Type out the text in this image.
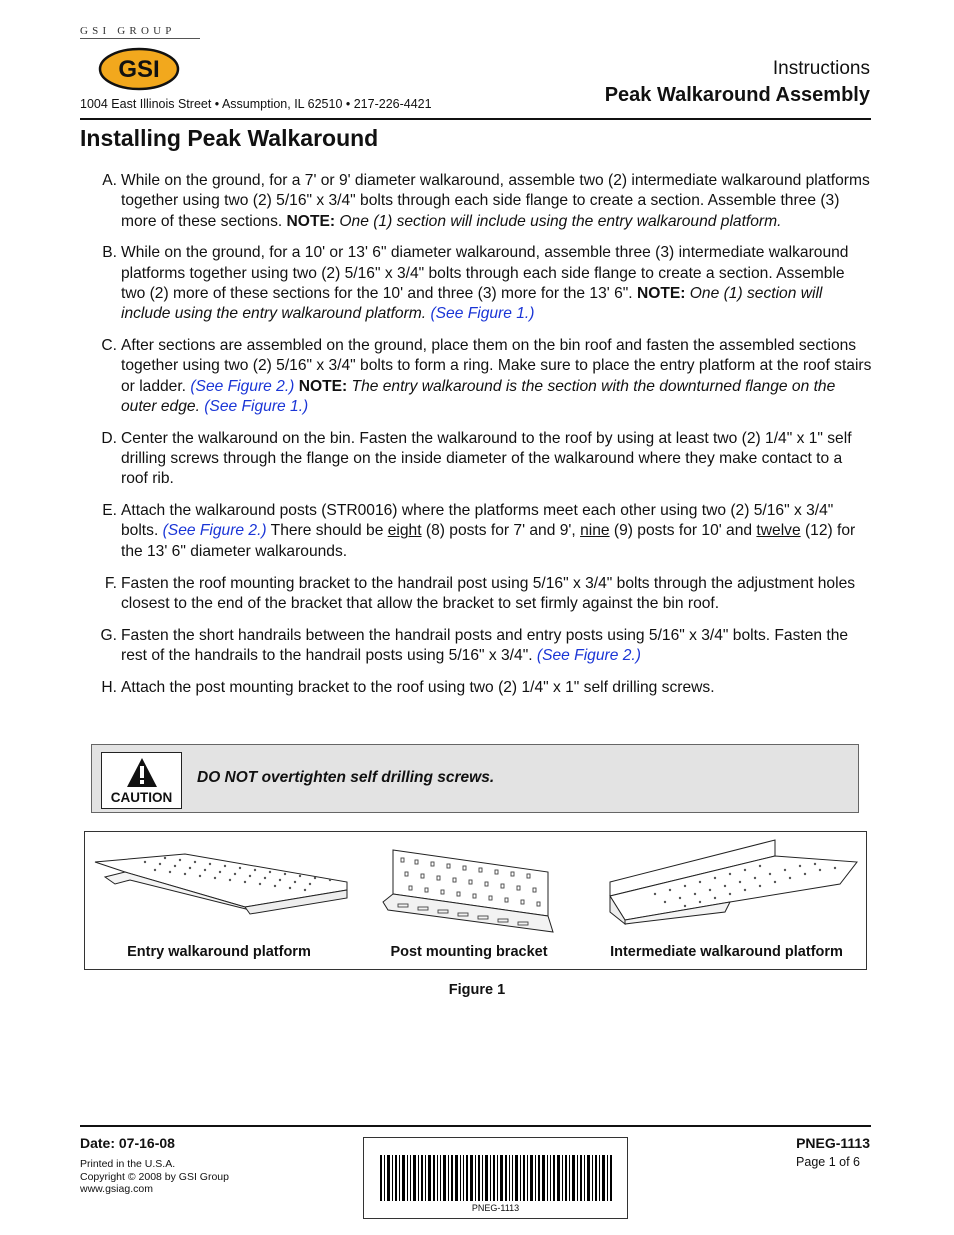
GSI GROUP
GSI
1004 East Illinois Street • Assumption, IL 62510 • 217-226-4421
Instructions
Peak Walkaround Assembly
Installing Peak Walkaround
A. While on the ground, for a 7' or 9' diameter walkaround, assemble two (2) intermediate walkaround platforms together using two (2) 5/16" x 3/4" bolts through each side flange to create a section. Assemble three (3) more of these sections. NOTE: One (1) section will include using the entry walkaround platform.
B. While on the ground, for a 10' or 13' 6" diameter walkaround, assemble three (3) intermediate walkaround platforms together using two (2) 5/16" x 3/4" bolts through each side flange to create a section. Assemble two (2) more of these sections for the 10' and three (3) more for the 13' 6". NOTE: One (1) section will include using the entry walkaround platform. (See Figure 1.)
C. After sections are assembled on the ground, place them on the bin roof and fasten the assembled sections together using two (2) 5/16" x 3/4" bolts to form a ring. Make sure to place the entry platform at the roof stairs or ladder. (See Figure 2.) NOTE: The entry walkaround is the section with the downturned flange on the outer edge. (See Figure 1.)
D. Center the walkaround on the bin. Fasten the walkaround to the roof by using at least two (2) 1/4" x 1" self drilling screws through the flange on the inside diameter of the walkaround where they make contact to a roof rib.
E. Attach the walkaround posts (STR0016) where the platforms meet each other using two (2) 5/16" x 3/4" bolts. (See Figure 2.) There should be eight (8) posts for 7' and 9', nine (9) posts for 10' and twelve (12) for the 13' 6" diameter walkarounds.
F. Fasten the roof mounting bracket to the handrail post using 5/16" x 3/4" bolts through the adjustment holes closest to the end of the bracket that allow the bracket to set firmly against the bin roof.
G. Fasten the short handrails between the handrail posts and entry posts using 5/16" x 3/4" bolts. Fasten the rest of the handrails to the handrail posts using 5/16" x 3/4". (See Figure 2.)
H. Attach the post mounting bracket to the roof using two (2) 1/4" x 1" self drilling screws.
CAUTION
DO NOT overtighten self drilling screws.
Entry walkaround platform	Post mounting bracket	Intermediate walkaround platform
Figure 1
Date: 07-16-08
Printed in the U.S.A.
Copyright © 2008 by GSI Group
www.gsiag.com
PNEG-1113
PNEG-1113
Page 1 of 6
